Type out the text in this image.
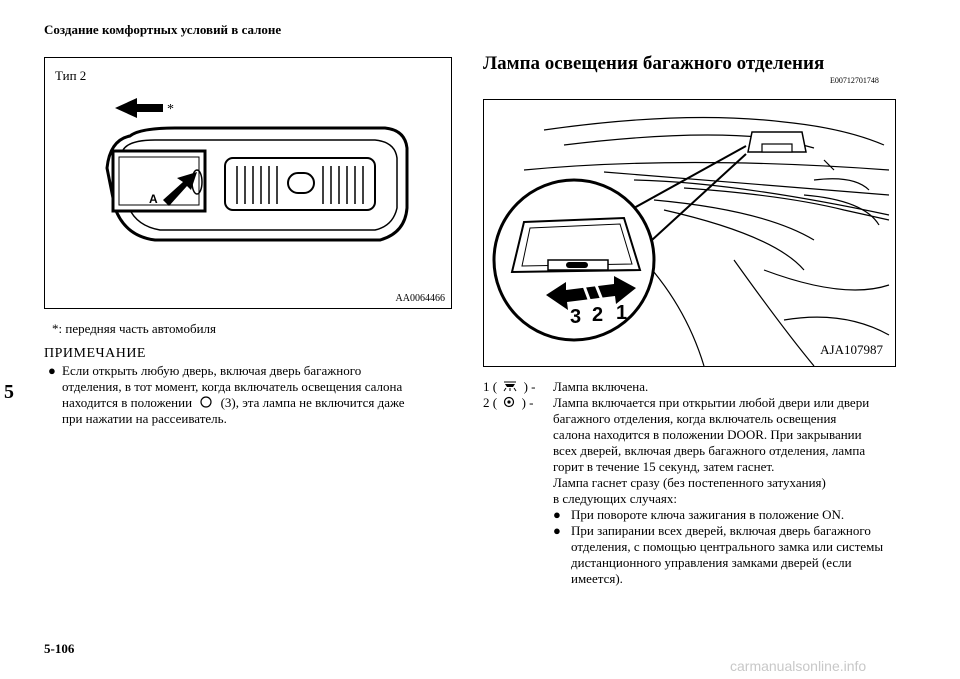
Создание комфортных условий в салоне
Тип 2
*
A
AA0064466
*: передняя часть автомобиля
ПРИМЕЧАНИЕ
● Если открыть любую дверь, включая дверь багажного
отделения, в тот момент, когда включатель освещения салона
находится в положении (3), эта лампа не включится даже
при нажатии на рассеиватель.
5
Лампа освещения багажного отделения
E00712701748
3 2 1
AJA107987
1 ( ) - Лампа включена.
2 ( ) - Лампа включается при открытии любой двери или двери
багажного отделения, когда включатель освещения
салона находится в положении DOOR. При закрывании
всех дверей, включая дверь багажного отделения, лампа
горит в течение 15 секунд, затем гаснет.
Лампа гаснет сразу (без постепенного затухания)
в следующих случаях:
● При повороте ключа зажигания в положение ON.
● При запирании всех дверей, включая дверь багажного отделения, с помощью центрального замка или системы дистанционного управления замками дверей (если имеется).
5-106
carmanualsonline.info
